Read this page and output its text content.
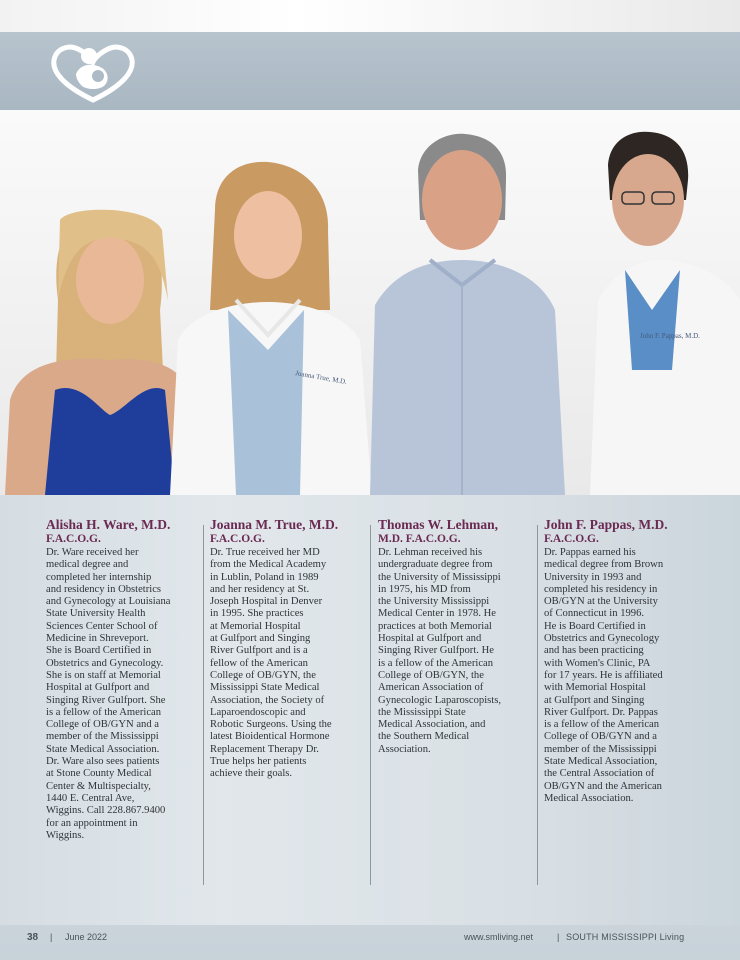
Joanna True, M.D.
John F. Pappas, M.D.
Alisha H. Ware, M.D.
F.A.C.O.G.
Dr. Ware received her
medical degree and
completed her internship
and residency in Obstetrics
and Gynecology at Louisiana
State University Health
Sciences Center School of
Medicine in Shreveport.
She is Board Certified in
Obstetrics and Gynecology.
She is on staff at Memorial
Hospital at Gulfport and
Singing River Gulfport. She
is a fellow of the American
College of OB/GYN and a
member of the Mississippi
State Medical Association.
Dr. Ware also sees patients
at Stone County Medical
Center & Multispecialty,
1440 E. Central Ave,
Wiggins. Call 228.867.9400
for an appointment in
Wiggins.
Joanna M. True, M.D.
F.A.C.O.G.
Dr. True received her MD
from the Medical Academy
in Lublin, Poland in 1989
and her residency at St.
Joseph Hospital in Denver
in 1995. She practices
at Memorial Hospital
at Gulfport and Singing
River Gulfport and is a
fellow of the American
College of OB/GYN, the
Mississippi State Medical
Association, the Society of
Laparoendoscopic and
Robotic Surgeons. Using the
latest Bioidentical Hormone
Replacement Therapy Dr.
True helps her patients
achieve their goals.
Thomas W. Lehman,
M.D. F.A.C.O.G.
Dr. Lehman received his
undergraduate degree from
the University of Mississippi
in 1975, his MD from
the University Mississippi
Medical Center in 1978. He
practices at both Memorial
Hospital at Gulfport and
Singing River Gulfport. He
is a fellow of the American
College of OB/GYN, the
American Association of
Gynecologic Laparoscopists,
the Mississippi State
Medical Association, and
the Southern Medical
Association.
John F. Pappas, M.D.
F.A.C.O.G.
Dr. Pappas earned his
medical degree from Brown
University in 1993 and
completed his residency in
OB/GYN at the University
of Connecticut in 1996.
He is Board Certified in
Obstetrics and Gynecology
and has been practicing
with Women's Clinic, PA
for 17 years. He is affiliated
with Memorial Hospital
at Gulfport and Singing
River Gulfport. Dr. Pappas
is a fellow of the American
College of OB/GYN and a
member of the Mississippi
State Medical Association,
the Central Association of
OB/GYN and the American
Medical Association.
38 | June 2022	www.smliving.net	| SOUTH MISSISSIPPI Living
